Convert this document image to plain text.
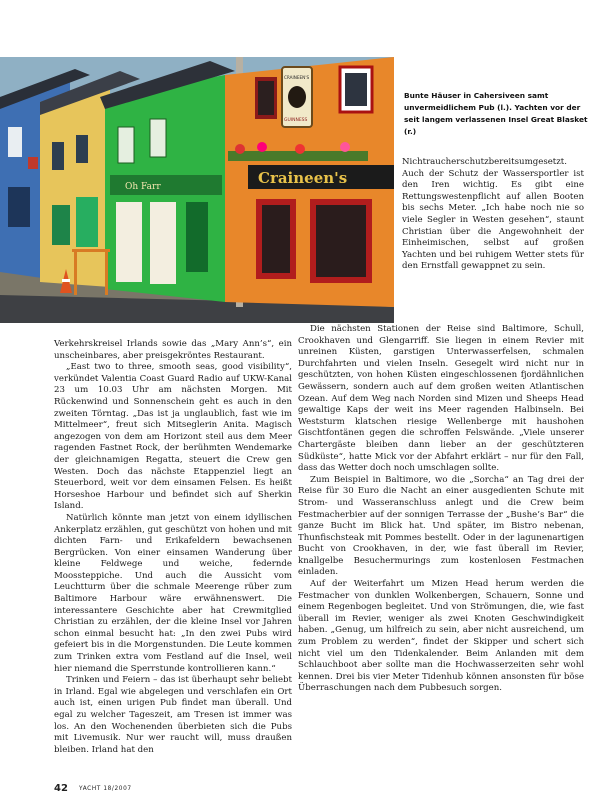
Oh Farr
CRAINEEN'S
GUINNESS
Craineen's
Bunte Häuser in Cahersiveen samt unvermeidlichem Pub (l.). Yachten vor der seit langem verlassenen Insel Great Blasket (r.)

Nichtraucherschutzbereitsumgesetzt. Auch der Schutz der Wassersportler ist den Iren wichtig. Es gibt eine Rettungswestenpflicht auf allen Booten bis sechs Meter. „Ich habe noch nie so viele Segler in Westen gesehen“, staunt Christian über die Angewohnheit der Einheimischen, selbst auf großen Yachten und bei ruhigem Wetter stets für den Ernstfall gewappnet zu sein.

Verkehrskreisel Irlands sowie das „Mary Ann’s“, ein unscheinbares, aber preisgekröntes Restaurant.

„East two to three, smooth seas, good visibility“, verkündet Valentia Coast Guard Radio auf UKW-Kanal 23 um 10.03 Uhr am nächsten Morgen. Mit Rückenwind und Sonnenschein geht es auch in den zweiten Törntag. „Das ist ja unglaublich, fast wie im Mittelmeer“, freut sich Mitseglerin Anita. Magisch angezogen von dem am Horizont steil aus dem Meer ragenden Fastnet Rock, der berühmten Wendemarke der gleichnamigen Regatta, steuert die Crew gen Westen. Doch das nächste Etappenziel liegt an Steuerbord, weit vor dem einsamen Felsen. Es heißt Horseshoe Harbour und befindet sich auf Sherkin Island.

Natürlich könnte man jetzt von einem idyllischen Ankerplatz erzählen, gut geschützt von hohen und mit dichten Farn- und Erikafeldern bewachsenen Bergrücken. Von einer einsamen Wanderung über kleine Feldwege und weiche, federnde Moossteppiche. Und auch die Aussicht vom Leuchtturm über die schmale Meerenge rüber zum Baltimore Harbour wäre erwähnenswert. Die interessantere Geschichte aber hat Crewmitglied Christian zu erzählen, der die kleine Insel vor Jahren schon einmal besucht hat: „In den zwei Pubs wird gefeiert bis in die Morgenstunden. Die Leute kommen zum Trinken extra vom Festland auf die Insel, weil hier niemand die Sperrstunde kontrollieren kann.“

Trinken und Feiern – das ist überhaupt sehr beliebt in Irland. Egal wie abgelegen und verschlafen ein Ort auch ist, einen urigen Pub findet man überall. Und egal zu welcher Tageszeit, am Tresen ist immer was los. An den Wochenenden überbieten sich die Pubs mit Livemusik. Nur wer raucht will, muss draußen bleiben. Irland hat den

Die nächsten Stationen der Reise sind Baltimore, Schull, Crookhaven und Glengarriff. Sie liegen in einem Revier mit unreinen Küsten, garstigen Unterwasserfelsen, schmalen Durchfahrten und vielen Inseln. Gesegelt wird nicht nur in geschützten, von hohen Küsten eingeschlossenen fjordähnlichen Gewässern, sondern auch auf dem großen weiten Atlantischen Ozean. Auf dem Weg nach Norden sind Mizen und Sheeps Head gewaltige Kaps der weit ins Meer ragenden Halbinseln. Bei Weststurm klatschen riesige Wellenberge mit haushohen Gischtfontänen gegen die schroffen Felswände. „Viele unserer Chartergäste bleiben dann lieber an der geschützteren Südküste“, hatte Mick vor der Abfahrt erklärt – nur für den Fall, dass das Wetter doch noch umschlagen sollte.

Zum Beispiel in Baltimore, wo die „Sorcha“ an Tag drei der Reise für 30 Euro die Nacht an einer ausgedienten Schute mit Strom- und Wasseranschluss anlegt und die Crew beim Festmacherbier auf der sonnigen Terrasse der „Bushe’s Bar“ die ganze Bucht im Blick hat. Und später, im Bistro nebenan, Thunfischsteak mit Pommes bestellt. Oder in der lagunenartigen Bucht von Crookhaven, in der, wie fast überall im Revier, knallgelbe Besuchermurings zum kostenlosen Festmachen einladen.

Auf der Weiterfahrt um Mizen Head herum werden die Festmacher von dunklen Wolkenbergen, Schauern, Sonne und einem Regenbogen begleitet. Und von Strömungen, die, wie fast überall im Revier, weniger als zwei Knoten Geschwindigkeit haben. „Genug, um hilfreich zu sein, aber nicht ausreichend, um zum Problem zu werden“, findet der Skipper und schert sich nicht viel um den Tidenkalender. Beim Anlanden mit dem Schlauchboot aber sollte man die Hochwasserzeiten sehr wohl kennen. Drei bis vier Meter Tidenhub können ansonsten für böse Überraschungen nach dem Pubbesuch sorgen.

42 YACHT 18/2007
